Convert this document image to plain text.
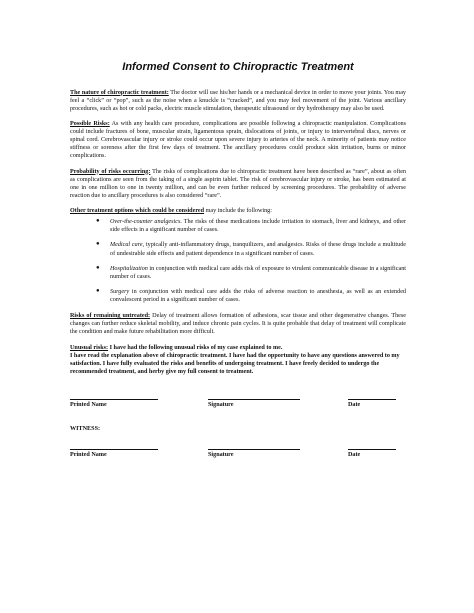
Informed Consent to Chiropractic Treatment

The nature of chiropractic treatment: The doctor will use his/her hands or a mechanical device in order to move your joints. You may feel a “click” or “pop”, such as the noise when a knuckle is “cracked”, and you may feel movement of the joint. Various ancillary procedures, such as hot or cold packs, electric muscle stimulation, therapeutic ultrasound or dry hydrotherapy may also be used.

Possible Risks: As with any health care procedure, complications are possible following a chiropractic manipulation. Complications could include fractures of bone, muscular strain, ligamentous sprain, dislocations of joints, or injury to intervertebral discs, nerves or spinal cord. Cerebrovascular injury or stroke could occur upon severe injury to arteries of the neck. A minority of patients may notice stiffness or soreness after the first few days of treatment. The ancillary procedures could produce skin irritation, burns or minor complications.

Probability of risks occurring: The risks of complications due to chiropractic treatment have been described as “rare”, about as often as complications are seen from the taking of a single aspirin tablet. The risk of cerebrovascular injury or stroke, has been estimated at one in one million to one in twenty million, and can be even further reduced by screening procedures. The probability of adverse reaction due to ancillary procedures is also considered “rare”.

Other treatment options which could be considered may include the following:

● Over-the-counter analgesics. The risks of these medications include irritation to stomach, liver and kidneys, and other side effects in a significant number of cases.
● Medical care, typically anti-inflammatory drugs, tranquilizers, and analgesics. Risks of these drugs include a multitude of undesirable side effects and patient dependence in a significant number of cases.
● Hospitalization in conjunction with medical care adds risk of exposure to virulent communicable disease in a significant number of cases.
● Surgery in conjunction with medical care adds the risks of adverse reaction to anesthesia, as well as an extended convalescent period in a significant number of cases.

Risks of remaining untreated: Delay of treatment allows formation of adhesions, scar tissue and other degenerative changes. These changes can further reduce skeletal mobility, and induce chronic pain cycles. It is quite probable that delay of treatment will complicate the condition and make future rehabilitation more difficult.

Unusual risks: I have had the following unusual risks of my case explained to me.

I have read the explanation above of chiropractic treatment. I have had the opportunity to have any questions answered to my satisfaction. I have fully evaluated the risks and benefits of undergoing treatment. I have freely decided to undergo the recommended treatment, and herby give my full consent to treatment.

Printed Name	Signature	Date
WITNESS:
Printed Name	Signature	Date
